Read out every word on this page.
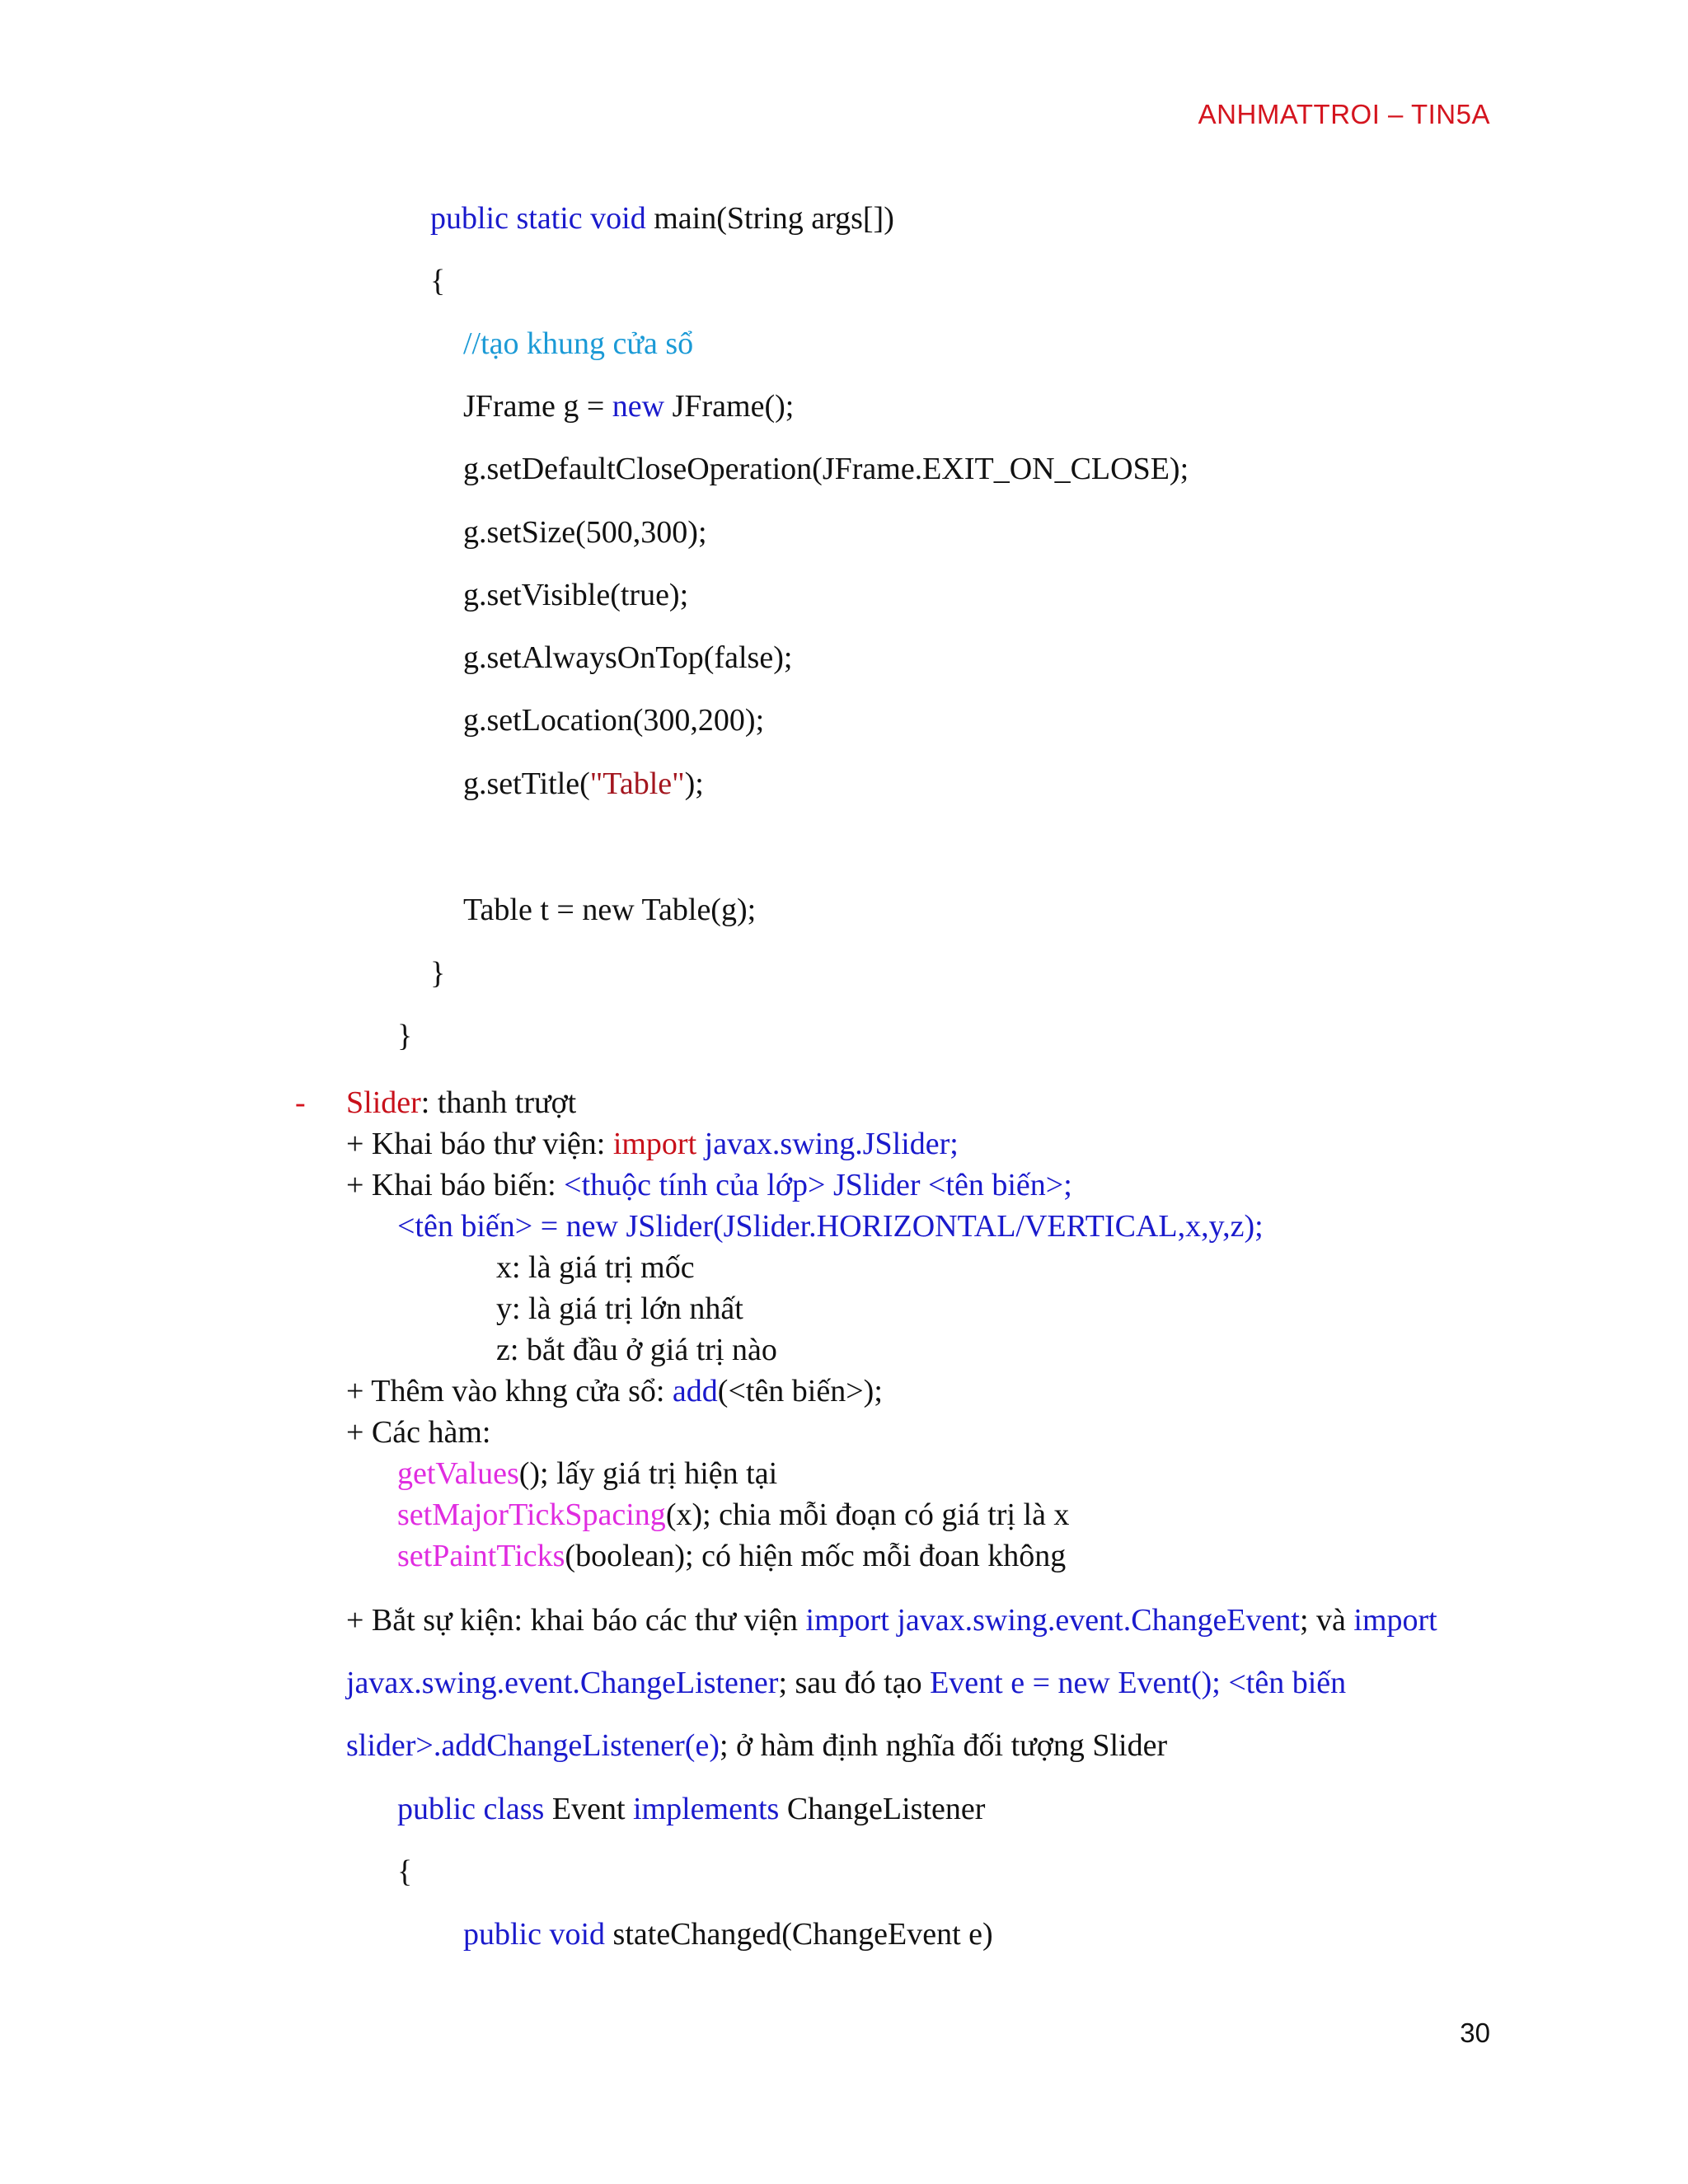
ANHMATTROI – TIN5A
public static void main(String args[])
{
//tạo khung cửa sổ
JFrame g = new JFrame();
g.setDefaultCloseOperation(JFrame.EXIT_ON_CLOSE);
g.setSize(500,300);
g.setVisible(true);
g.setAlwaysOnTop(false);
g.setLocation(300,200);
g.setTitle("Table");
Table t = new Table(g);
}
}
- Slider: thanh trượt
+ Khai báo thư viện: import javax.swing.JSlider;
+ Khai báo biến: <thuộc tính của lớp> JSlider <tên biến>;
<tên biến> = new JSlider(JSlider.HORIZONTAL/VERTICAL,x,y,z);
x: là giá trị mốc
y: là giá trị lớn nhất
z: bắt đầu ở giá trị nào
+ Thêm vào khng cửa sổ: add(<tên biến>);
+ Các hàm:
getValues(); lấy giá trị hiện tại
setMajorTickSpacing(x); chia mỗi đoạn có giá trị là x
setPaintTicks(boolean); có hiện mốc mỗi đoan không
+ Bắt sự kiện: khai báo các thư viện import javax.swing.event.ChangeEvent; và import
javax.swing.event.ChangeListener; sau đó tạo Event e = new Event(); <tên biến
slider>.addChangeListener(e); ở hàm định nghĩa đối tượng Slider
public class Event implements ChangeListener
{
public void stateChanged(ChangeEvent e)
30
